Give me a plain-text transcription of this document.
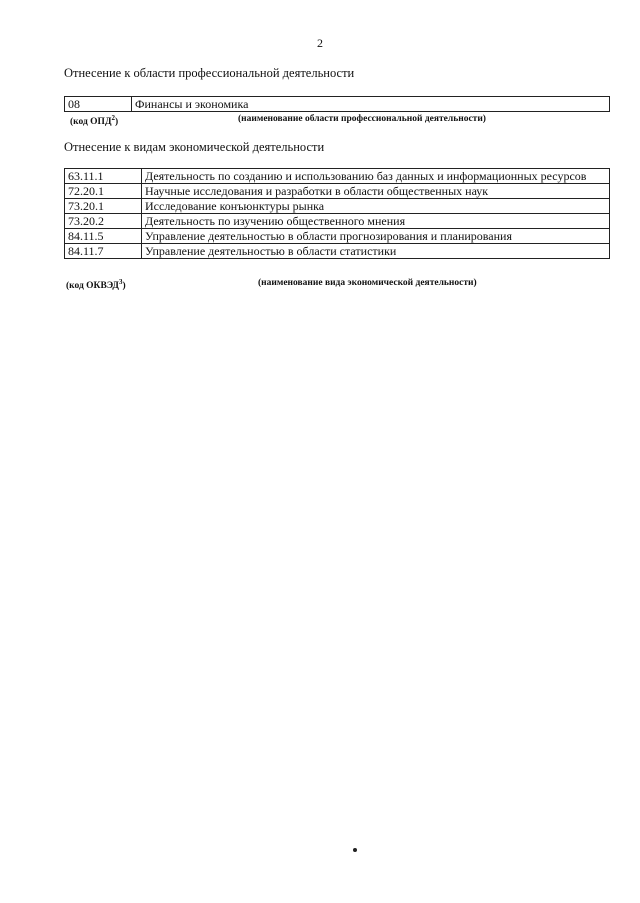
2
Отнесение к области профессиональной деятельности
08	Финансы и экономика
(код ОПД$^2$)	(наименование области профессиональной деятельности)
Отнесение к видам экономической деятельности
63.11.1	Деятельность по созданию и использованию баз данных и информационных ресурсов
72.20.1	Научные исследования и разработки в области общественных наук
73.20.1	Исследование конъюнктуры рынка
73.20.2	Деятельность по изучению общественного мнения
84.11.5	Управление деятельностью в области прогнозирования и планирования
84.11.7	Управление деятельностью в области статистики
(код ОКВЭД$^3$)	(наименование вида экономической деятельности)
